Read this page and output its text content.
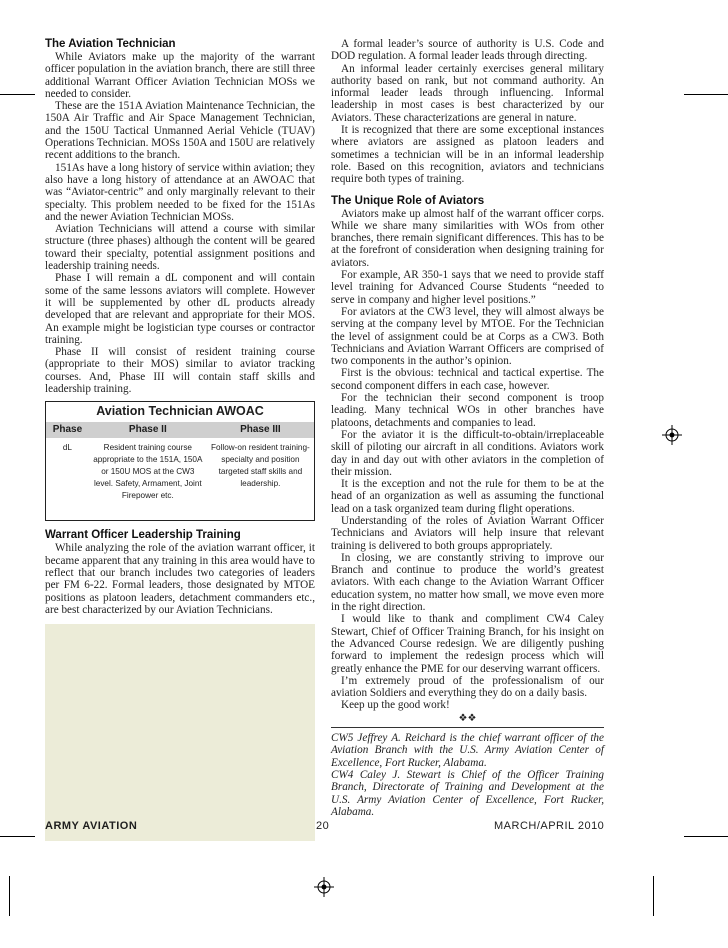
The Aviation Technician

While Aviators make up the majority of the warrant officer population in the aviation branch, there are still three additional Warrant Officer Aviation Technician MOSs we needed to consider.

These are the 151A Aviation Maintenance Technician, the 150A Air Traffic and Air Space Management Technician, and the 150U Tactical Unmanned Aerial Vehicle (TUAV) Operations Technician. MOSs 150A and 150U are relatively recent additions to the branch.

151As have a long history of service within aviation; they also have a long history of attendance at an AWOAC that was “Aviator-centric” and only marginally relevant to their specialty. This problem needed to be fixed for the 151As and the newer Aviation Technician MOSs.

Aviation Technicians will attend a course with similar structure (three phases) although the content will be geared toward their specialty, potential assignment positions and leadership training needs.

Phase I will remain a dL component and will contain some of the same lessons aviators will complete. However it will be supplemented by other dL products already developed that are relevant and appropriate for their MOS. An example might be logistician type courses or contractor training.

Phase II will consist of resident training course (appropriate to their MOS) similar to aviator tracking courses. And, Phase III will contain staff skills and leadership training.

Aviation Technician AWOAC
Phase	Phase II	Phase III
dL	Resident training course appropriate to the 151A, 150A or 150U MOS at the CW3 level. Safety, Armament, Joint Firepower etc.	Follow-on resident training- specialty and position targeted staff skills and leadership.
Warrant Officer Leadership Training

While analyzing the role of the aviation warrant officer, it became apparent that any training in this area would have to reflect that our branch includes two categories of leaders per FM 6-22. Formal leaders, those designated by MTOE positions as platoon leaders, detachment commanders etc., are best characterized by our Aviation Technicians.

A formal leader’s source of authority is U.S. Code and DOD regulation. A formal leader leads through directing.

An informal leader certainly exercises general military authority based on rank, but not command authority. An informal leader leads through influencing. Informal leadership in most cases is best characterized by our Aviators. These characterizations are general in nature.

It is recognized that there are some exceptional instances where aviators are assigned as platoon leaders and sometimes a technician will be in an informal leadership role. Based on this recognition, aviators and technicians require both types of training.

The Unique Role of Aviators

Aviators make up almost half of the warrant officer corps. While we share many similarities with WOs from other branches, there remain significant differences. This has to be at the forefront of consideration when designing training for aviators.

For example, AR 350-1 says that we need to provide staff level training for Advanced Course Students “needed to serve in company and higher level positions.”

For aviators at the CW3 level, they will almost always be serving at the company level by MTOE. For the Technician the level of assignment could be at Corps as a CW3. Both Technicians and Aviation Warrant Officers are comprised of two components in the author’s opinion.

First is the obvious: technical and tactical expertise. The second component differs in each case, however.

For the technician their second component is troop leading. Many technical WOs in other branches have platoons, detachments and companies to lead.

For the aviator it is the difficult-to-obtain/irreplaceable skill of piloting our aircraft in all conditions. Aviators work day in and day out with other aviators in the completion of their mission.

It is the exception and not the rule for them to be at the head of an organization as well as assuming the functional lead on a task organized team during flight operations.

Understanding of the roles of Aviation Warrant Officer Technicians and Aviators will help insure that relevant training is delivered to both groups appropriately.

In closing, we are constantly striving to improve our Branch and continue to produce the world’s greatest aviators. With each change to the Aviation Warrant Officer education system, no matter how small, we move even more in the right direction.

I would like to thank and compliment CW4 Caley Stewart, Chief of Officer Training Branch, for his insight on the Advanced Course redesign. We are diligently pushing forward to implement the redesign process which will greatly enhance the PME for our deserving warrant officers.

I’m extremely proud of the professionalism of our aviation Soldiers and everything they do on a daily basis.

Keep up the good work!

❖❖

CW5 Jeffrey A. Reichard is the chief warrant officer of the Aviation Branch with the U.S. Army Aviation Center of Excellence, Fort Rucker, Alabama.

CW4 Caley J. Stewart is Chief of the Officer Training Branch, Directorate of Training and Development at the U.S. Army Aviation Center of Excellence, Fort Rucker, Alabama.

ARMY AVIATION	20	MARCH/APRIL 2010
